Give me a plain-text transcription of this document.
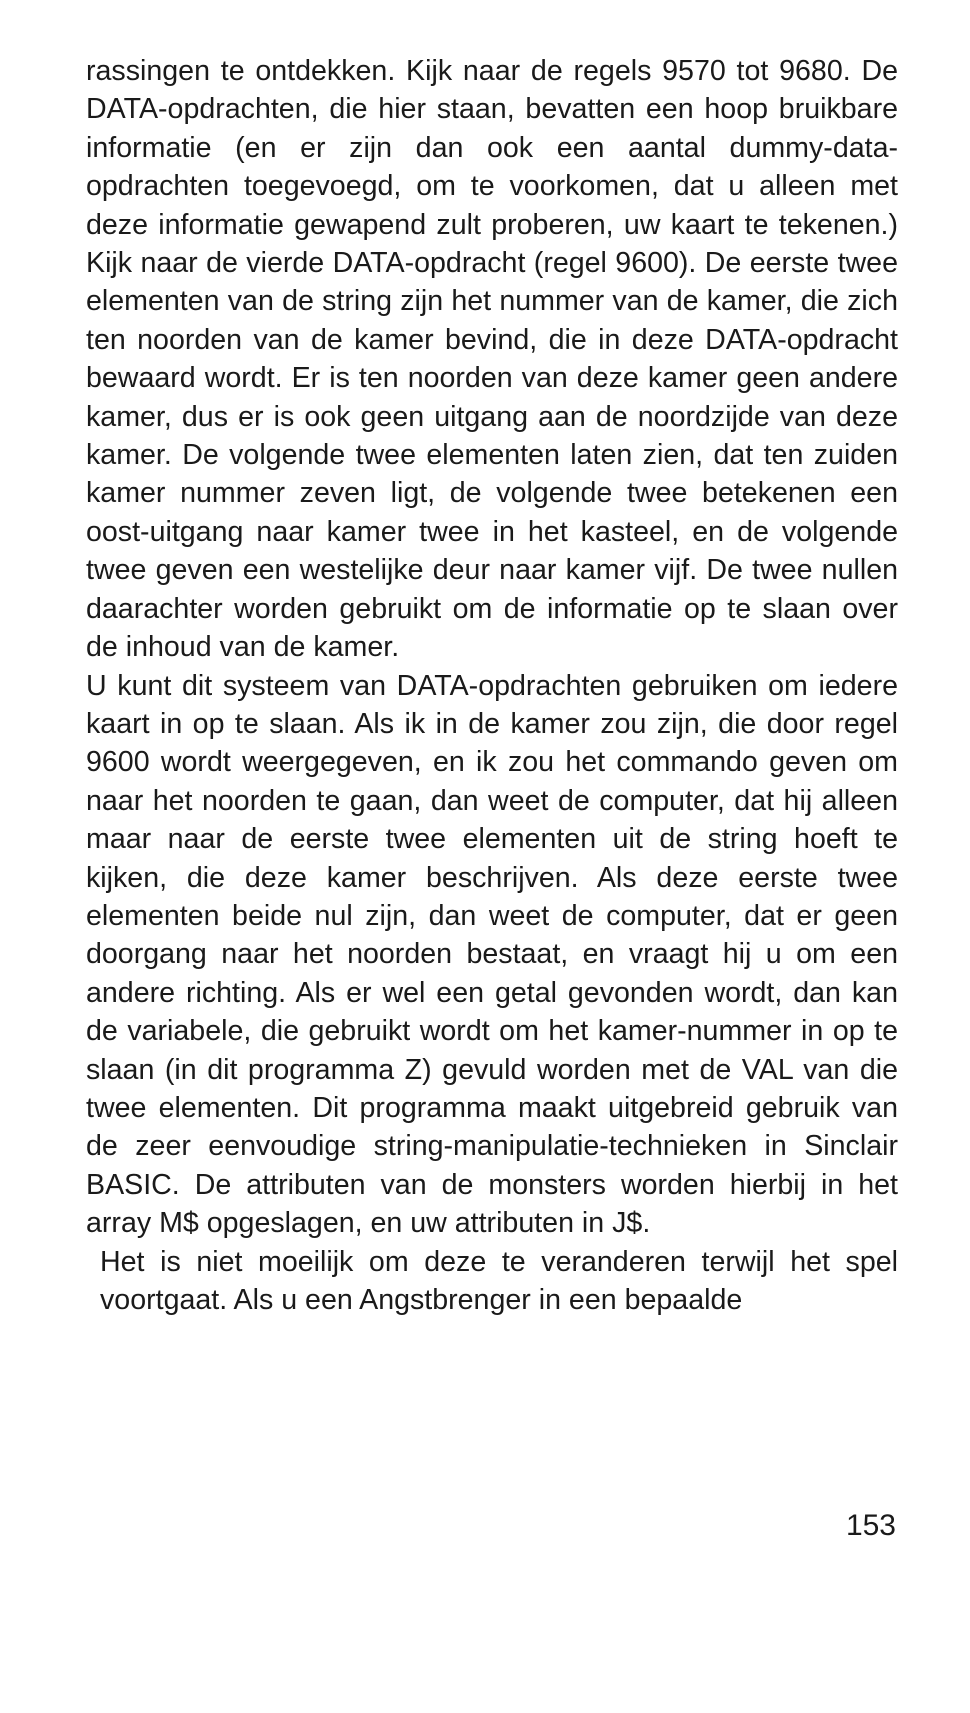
rassingen te ontdekken. Kijk naar de regels 9570 tot 9680. De DATA-opdrachten, die hier staan, bevatten een hoop bruikbare informatie (en er zijn dan ook een aantal dummy-data-opdrachten toegevoegd, om te voorkomen, dat u alleen met deze informatie gewapend zult proberen, uw kaart te tekenen.) Kijk naar de vierde DATA-opdracht (regel 9600). De eerste twee elementen van de string zijn het nummer van de kamer, die zich ten noorden van de kamer bevind, die in deze DATA-opdracht bewaard wordt. Er is ten noorden van deze kamer geen andere kamer, dus er is ook geen uitgang aan de noordzijde van deze kamer. De volgende twee elementen laten zien, dat ten zuiden kamer nummer zeven ligt, de volgende twee betekenen een oost-uitgang naar kamer twee in het kasteel, en de volgende twee geven een westelijke deur naar kamer vijf. De twee nullen daarachter worden gebruikt om de informatie op te slaan over de inhoud van de kamer.

U kunt dit systeem van DATA-opdrachten gebruiken om iedere kaart in op te slaan. Als ik in de kamer zou zijn, die door regel 9600 wordt weergegeven, en ik zou het commando geven om naar het noorden te gaan, dan weet de computer, dat hij alleen maar naar de eerste twee elementen uit de string hoeft te kijken, die deze kamer beschrijven. Als deze eerste twee elementen beide nul zijn, dan weet de computer, dat er geen doorgang naar het noorden bestaat, en vraagt hij u om een andere richting. Als er wel een getal gevonden wordt, dan kan de variabele, die gebruikt wordt om het kamer-nummer in op te slaan (in dit programma Z) gevuld worden met de VAL van die twee elementen. Dit programma maakt uitgebreid gebruik van de zeer eenvoudige string-manipulatie-technieken in Sinclair BASIC. De attributen van de monsters worden hierbij in het array M$ opgeslagen, en uw attributen in J$.

Het is niet moeilijk om deze te veranderen terwijl het spel voortgaat. Als u een Angstbrenger in een bepaalde

153
